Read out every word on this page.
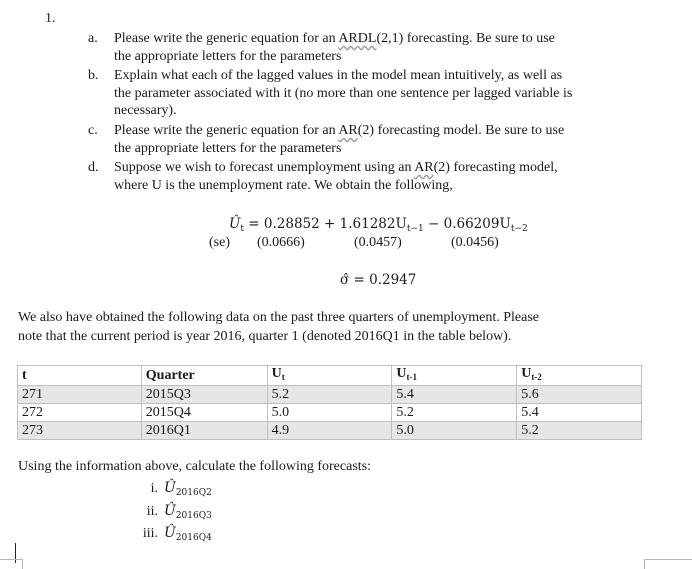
1.
a. Please write the generic equation for an ARDL(2,1) forecasting. Be sure to use
the appropriate letters for the parameters
b. Explain what each of the lagged values in the model mean intuitively, as well as
the parameter associated with it (no more than one sentence per lagged variable is
necessary).
c. Please write the generic equation for an AR(2) forecasting model. Be sure to use
the appropriate letters for the parameters
d. Suppose we wish to forecast unemployment using an AR(2) forecasting model,
where U is the unemployment rate. We obtain the following,
$Û_t = 0.28852 + 1.61282U_{t-1} - 0.66209U_{t-2}$
(se) (0.0666)	(0.0457)	(0.0456)
σ̂ = 0.2947
We also have obtained the following data on the past three quarters of unemployment. Please
note that the current period is year 2016, quarter 1 (denoted 2016Q1 in the table below).
t	Quarter	$U_t$	$U_{t-1}$	$U_{t-2}$
271	2015Q3	5.2	5.4	5.6
272	2015Q4	5.0	5.2	5.4
273	2016Q1	4.9	5.0	5.2
Using the information above, calculate the following forecasts:
i. $Û_{2016Q2}$
ii. $Û_{2016Q3}$
iii. $Û_{2016Q4}$
